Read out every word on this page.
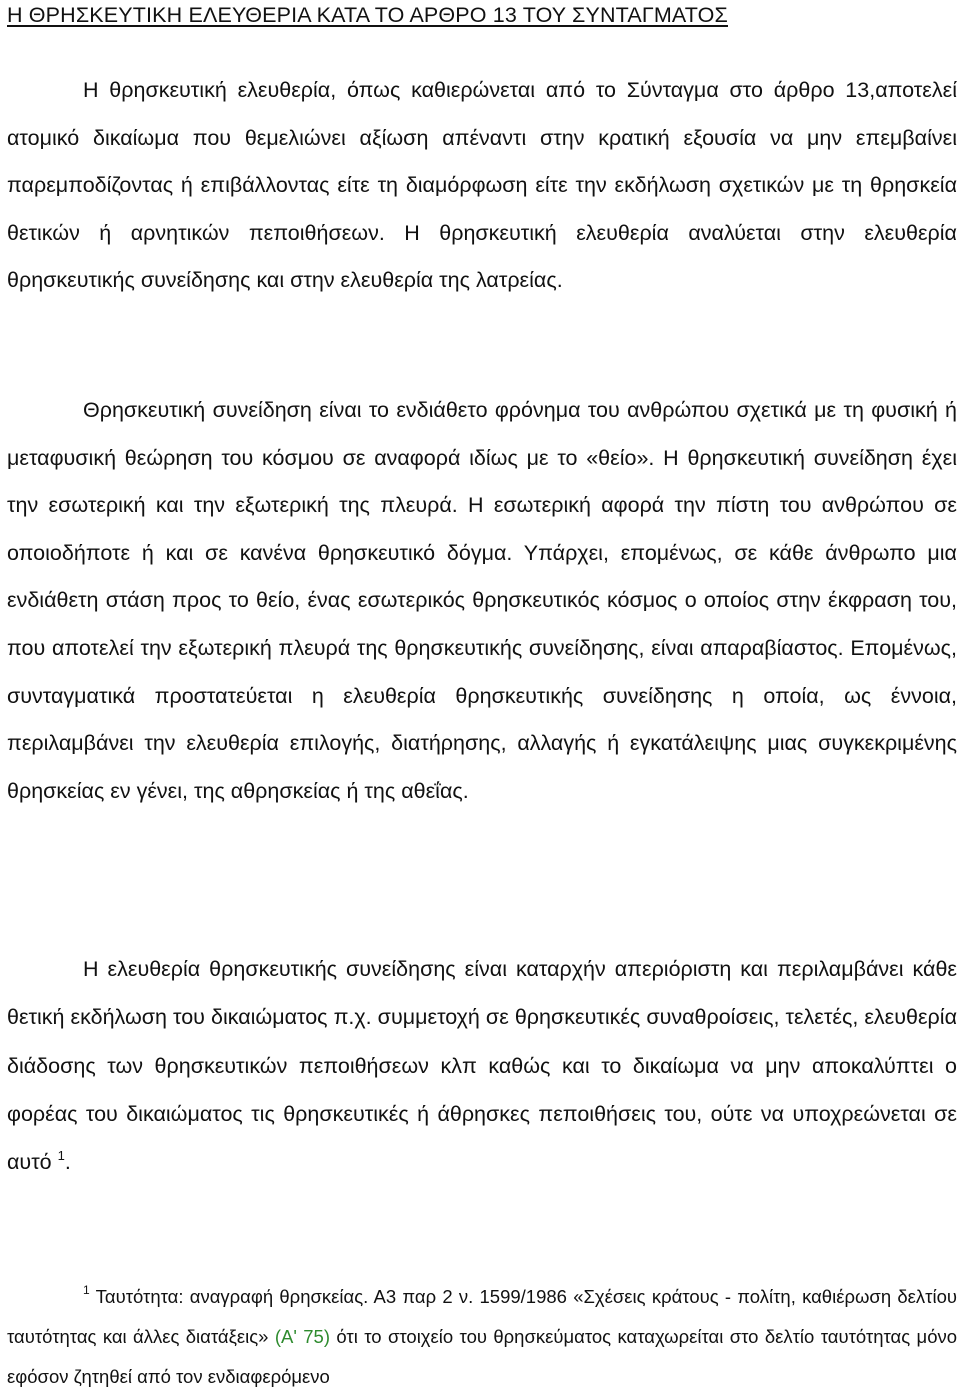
Η ΘΡΗΣΚΕΥΤΙΚΗ ΕΛΕΥΘΕΡΙΑ ΚΑΤΑ ΤΟ ΑΡΘΡΟ 13 ΤΟΥ ΣΥΝΤΑΓΜΑΤΟΣ

Η θρησκευτική ελευθερία, όπως καθιερώνεται από το Σύνταγμα στο άρθρο 13,αποτελεί ατομικό δικαίωμα που θεμελιώνει αξίωση απέναντι στην κρατική εξουσία να μην επεμβαίνει παρεμποδίζοντας ή επιβάλλοντας είτε τη διαμόρφωση είτε την εκδήλωση σχετικών με τη θρησκεία θετικών ή αρνητικών πεποιθήσεων. Η θρησκευτική ελευθερία αναλύεται στην ελευθερία θρησκευτικής συνείδησης και στην ελευθερία της λατρείας.

Θρησκευτική συνείδηση είναι το ενδιάθετο φρόνημα του ανθρώπου σχετικά με τη φυσική ή μεταφυσική θεώρηση του κόσμου σε αναφορά ιδίως με το «θείο». Η θρησκευτική συνείδηση έχει την εσωτερική και την εξωτερική της πλευρά. Η εσωτερική αφορά την πίστη του ανθρώπου σε οποιοδήποτε ή και σε κανένα θρησκευτικό δόγμα. Υπάρχει, επομένως, σε κάθε άνθρωπο μια ενδιάθετη στάση προς το θείο, ένας εσωτερικός θρησκευτικός κόσμος ο οποίος στην έκφραση του, που αποτελεί την εξωτερική πλευρά της θρησκευτικής συνείδησης, είναι απαραβίαστος. Επομένως, συνταγματικά προστατεύεται η ελευθερία θρησκευτικής συνείδησης η οποία, ως έννοια, περιλαμβάνει την ελευθερία επιλογής, διατήρησης, αλλαγής ή εγκατάλειψης μιας συγκεκριμένης θρησκείας εν γένει, της αθρησκείας ή της αθεΐας.

Η ελευθερία θρησκευτικής συνείδησης είναι καταρχήν απεριόριστη και περιλαμβάνει κάθε θετική εκδήλωση του δικαιώματος π.χ. συμμετοχή σε θρησκευτικές συναθροίσεις, τελετές, ελευθερία διάδοσης των θρησκευτικών πεποιθήσεων κλπ καθώς και το δικαίωμα να μην αποκαλύπτει ο φορέας του δικαιώματος τις θρησκευτικές ή άθρησκες πεποιθήσεις του, ούτε να υποχρεώνεται σε αυτό $^1$.

$^1$ Ταυτότητα: αναγραφή θρησκείας. Α3 παρ 2 ν. 1599/1986 «Σχέσεις κράτους - πολίτη, καθιέρωση δελτίου ταυτότητας και άλλες διατάξεις» (Α' 75) ότι το στοιχείο του θρησκεύματος καταχωρείται στο δελτίο ταυτότητας μόνο εφόσον ζητηθεί από τον ενδιαφερόμενο
